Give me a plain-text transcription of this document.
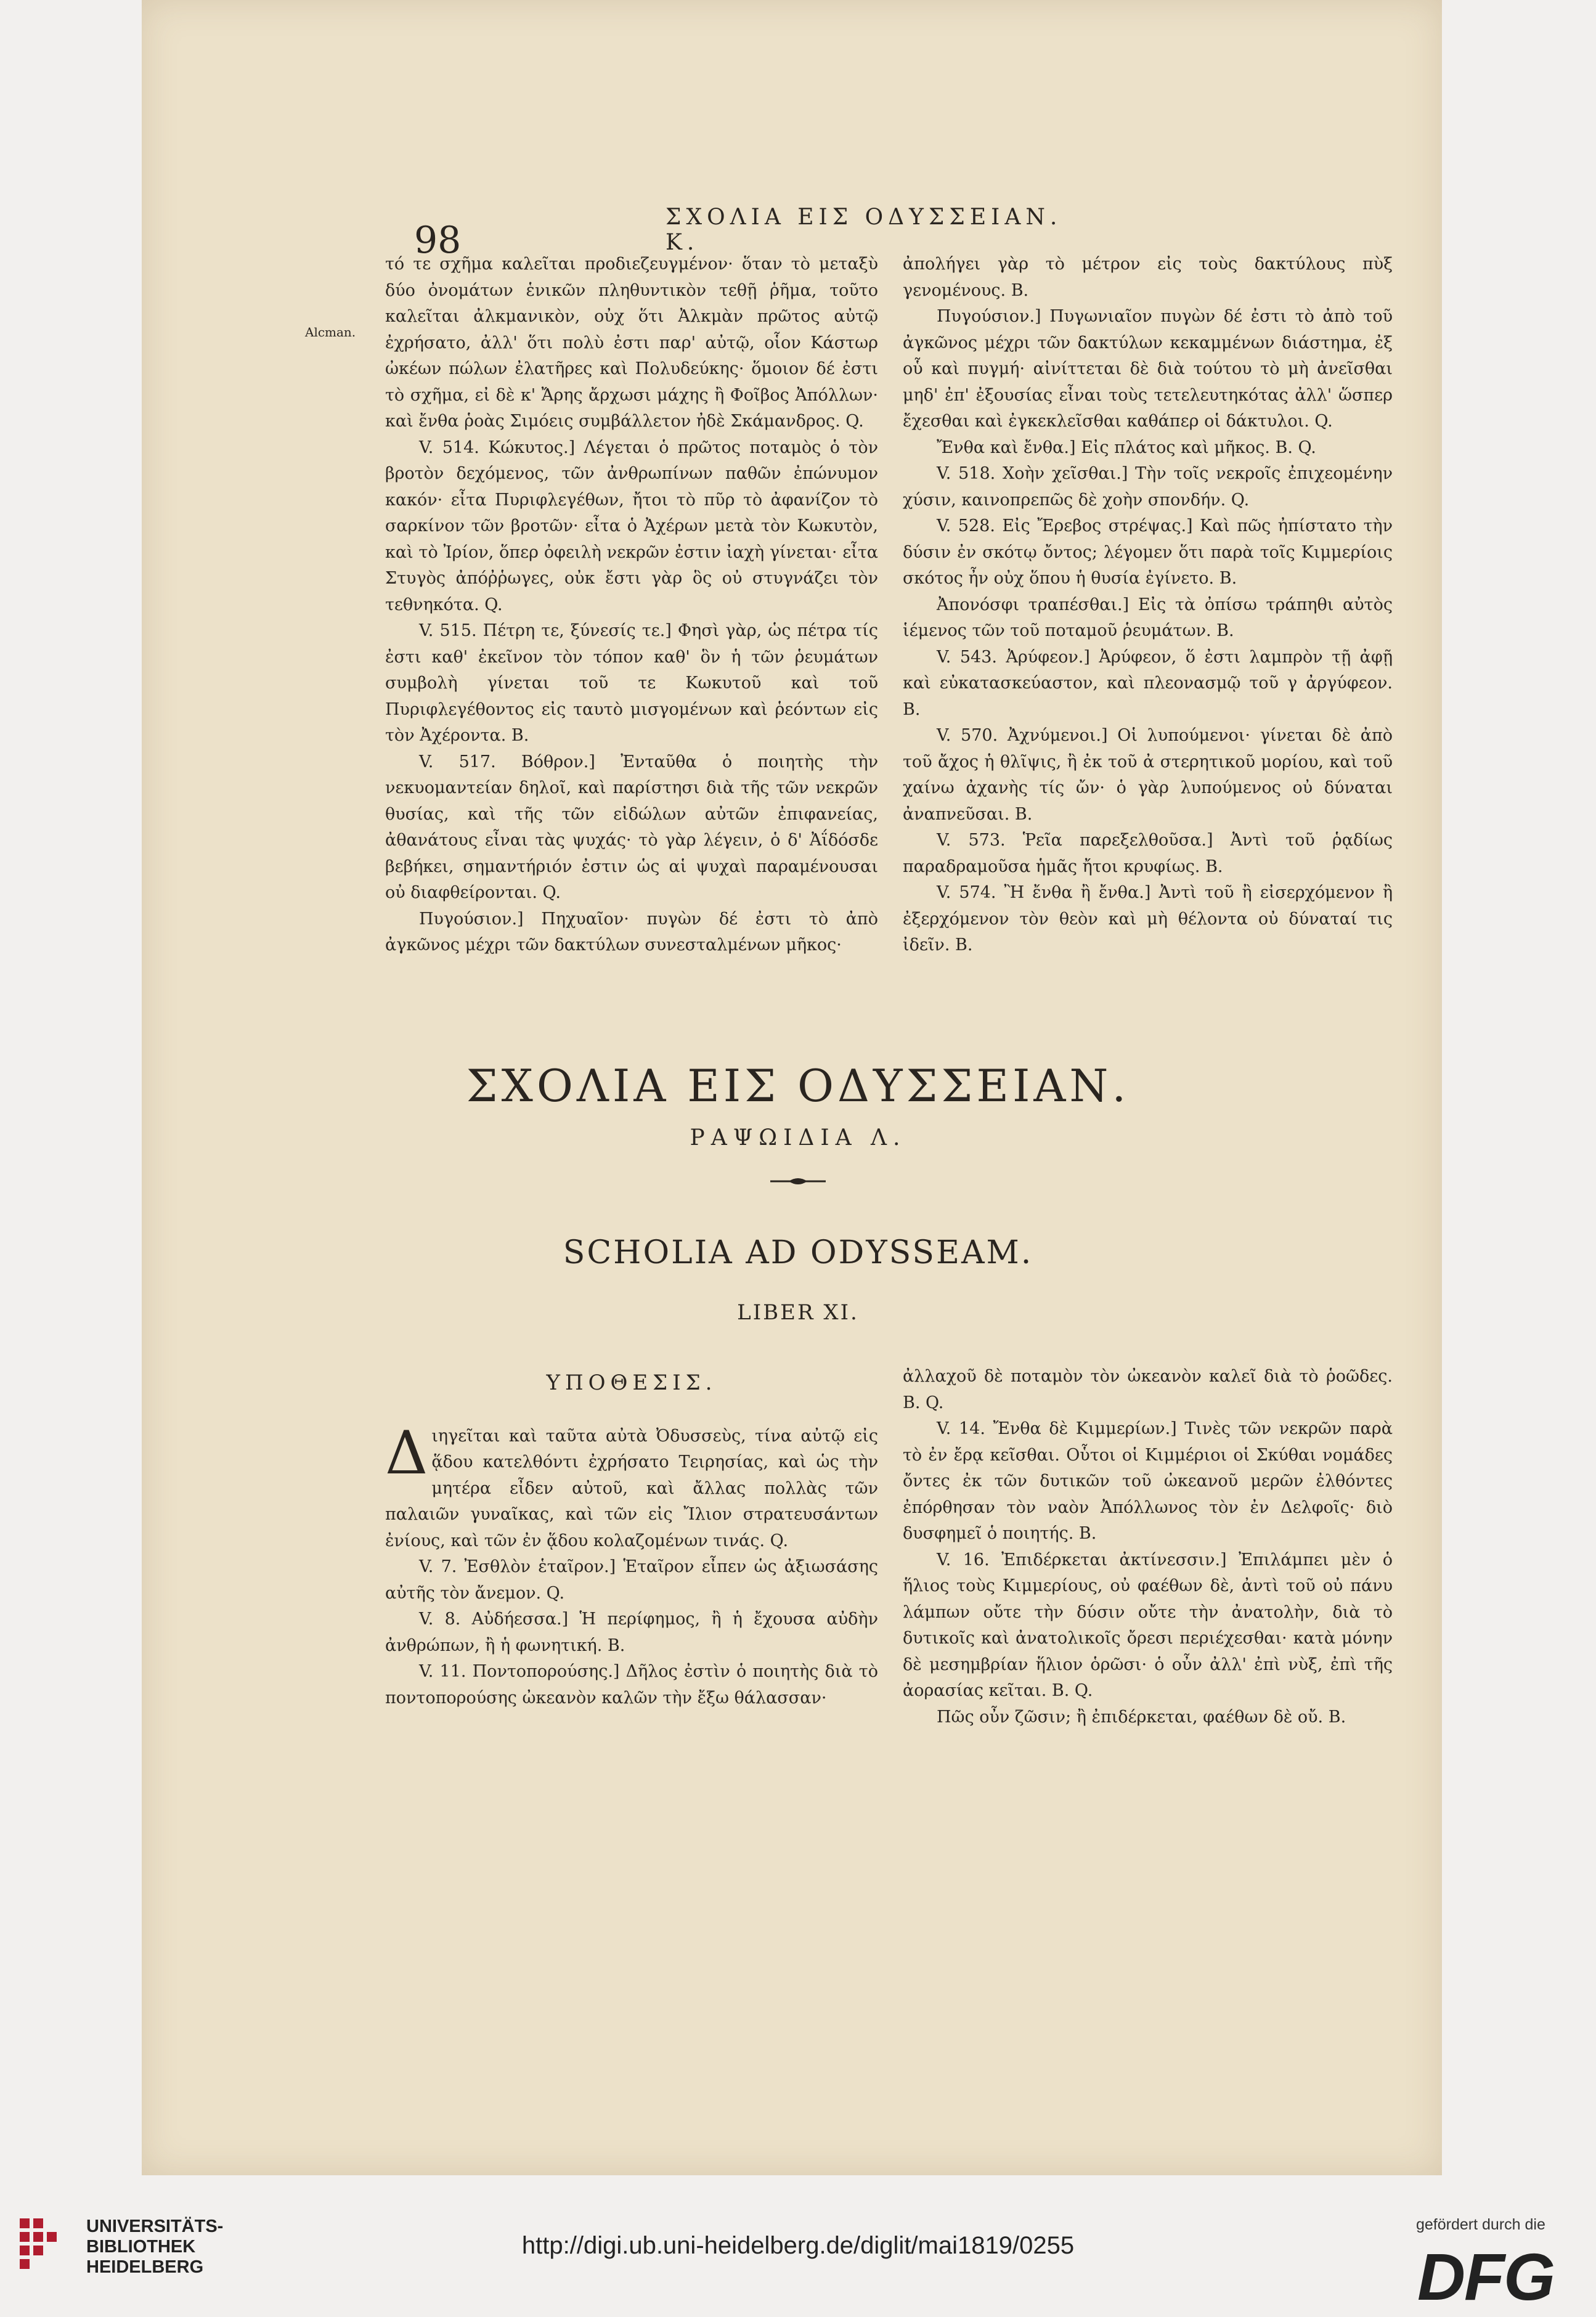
98
ΣΧΟΛΙΑ ΕΙΣ ΟΔΥΣΣΕΙΑΝ. Κ.
Alcman.

τό τε σχῆμα καλεῖται προδιεζευγμένον· ὅταν τὸ μεταξὺ δύο ὀνομάτων ἑνικῶν πληθυντικὸν τεθῇ ῥῆμα, τοῦτο καλεῖται ἀλκμανικὸν, οὐχ ὅτι Ἀλκμὰν πρῶτος αὐτῷ ἐχρήσατο, ἀλλ' ὅτι πολὺ ἐστι παρ' αὐτῷ, οἷον Κάστωρ ὠκέων πώλων ἐλατῆρες καὶ Πολυδεύκης· ὅμοιον δέ ἐστι τὸ σχῆμα, εἰ δὲ κ' Ἄρης ἄρχωσι μάχης ἢ Φοῖβος Ἀπόλλων· καὶ ἔνθα ῥοὰς Σιμόεις συμβάλλετον ἠδὲ Σκάμανδρος. Q.

V. 514. Κώκυτος.] Λέγεται ὁ πρῶτος ποταμὸς ὁ τὸν βροτὸν δεχόμενος, τῶν ἀνθρωπίνων παθῶν ἐπώνυμον κακόν· εἶτα Πυριφλεγέθων, ἤτοι τὸ πῦρ τὸ ἀφανίζον τὸ σαρκίνον τῶν βροτῶν· εἶτα ὁ Ἀχέρων μετὰ τὸν Κωκυτὸν, καὶ τὸ Ἰρίον, ὅπερ ὀφειλὴ νεκρῶν ἐστιν ἰαχὴ γίνεται· εἶτα Στυγὸς ἀπόῤῥωγες, οὐκ ἔστι γὰρ ὃς οὐ στυγνάζει τὸν τεθνηκότα. Q.

V. 515. Πέτρη τε, ξύνεσίς τε.] Φησὶ γὰρ, ὡς πέτρα τίς ἐστι καθ' ἐκεῖνον τὸν τόπον καθ' ὃν ἡ τῶν ῥευμάτων συμβολὴ γίνεται τοῦ τε Κωκυτοῦ καὶ τοῦ Πυριφλεγέθοντος εἰς ταυτὸ μισγομένων καὶ ῥεόντων εἰς τὸν Ἀχέροντα. B.

V. 517. Βόθρον.] Ἐνταῦθα ὁ ποιητὴς τὴν νεκυομαντείαν δηλοῖ, καὶ παρίστησι διὰ τῆς τῶν νεκρῶν θυσίας, καὶ τῆς τῶν εἰδώλων αὐτῶν ἐπιφανείας, ἀθανάτους εἶναι τὰς ψυχάς· τὸ γὰρ λέγειν, ὁ δ' Ἀΐδόσδε βεβήκει, σημαντήριόν ἐστιν ὡς αἱ ψυχαὶ παραμένουσαι οὐ διαφθείρονται. Q.

Πυγούσιον.] Πηχυαῖον· πυγὼν δέ ἐστι τὸ ἀπὸ ἀγκῶνος μέχρι τῶν δακτύλων συνεσταλμένων μῆκος·

ἀπολήγει γὰρ τὸ μέτρον εἰς τοὺς δακτύλους πὺξ γενομένους. B.

Πυγούσιον.] Πυγωνιαῖον πυγὼν δέ ἐστι τὸ ἀπὸ τοῦ ἀγκῶνος μέχρι τῶν δακτύλων κεκαμμένων διάστημα, ἐξ οὗ καὶ πυγμή· αἰνίττεται δὲ διὰ τούτου τὸ μὴ ἀνεῖσθαι μηδ' ἐπ' ἐξουσίας εἶναι τοὺς τετελευτηκότας ἀλλ' ὥσπερ ἔχεσθαι καὶ ἐγκεκλεῖσθαι καθάπερ οἱ δάκτυλοι. Q.

Ἔνθα καὶ ἔνθα.] Εἰς πλάτος καὶ μῆκος. B. Q.

V. 518. Χοὴν χεῖσθαι.] Τὴν τοῖς νεκροῖς ἐπιχεομένην χύσιν, καινοπρεπῶς δὲ χοὴν σπονδήν. Q.

V. 528. Εἰς Ἔρεβος στρέψας.] Καὶ πῶς ἠπίστατο τὴν δύσιν ἐν σκότῳ ὄντος; λέγομεν ὅτι παρὰ τοῖς Κιμμερίοις σκότος ἦν οὐχ ὅπου ἡ θυσία ἐγίνετο. B.

Ἀπονόσφι τραπέσθαι.] Εἰς τὰ ὀπίσω τράπηθι αὐτὸς ἱέμενος τῶν τοῦ ποταμοῦ ῥευμάτων. B.

V. 543. Ἀρύφεον.] Ἀρύφεον, ὅ ἐστι λαμπρὸν τῇ ἀφῇ καὶ εὐκατασκεύαστον, καὶ πλεονασμῷ τοῦ γ ἀργύφεον. B.

V. 570. Ἀχνύμενοι.] Οἱ λυπούμενοι· γίνεται δὲ ἀπὸ τοῦ ἄχος ἡ θλῖψις, ἢ ἐκ τοῦ ἀ στερητικοῦ μορίου, καὶ τοῦ χαίνω ἀχανὴς τίς ὤν· ὁ γὰρ λυπούμενος οὐ δύναται ἀναπνεῦσαι. B.

V. 573. Ῥεῖα παρεξελθοῦσα.] Ἀντὶ τοῦ ῥᾳδίως παραδραμοῦσα ἡμᾶς ἤτοι κρυφίως. B.

V. 574. Ἢ ἔνθα ἢ ἔνθα.] Ἀντὶ τοῦ ἢ εἰσερχόμενον ἢ ἐξερχόμενον τὸν θεὸν καὶ μὴ θέλοντα οὐ δύναταί τις ἰδεῖν. B.

ΣΧΟΛΙΑ ΕΙΣ ΟΔΥΣΣΕΙΑΝ.
ΡΑΨΩΙΔΙΑ Λ.
SCHOLIA AD ODYSSEAM.
LIBER XI.
ΥΠΟΘΕΣΙΣ.

Διηγεῖται καὶ ταῦτα αὐτὰ Ὀδυσσεὺς, τίνα αὐτῷ εἰς ᾅδου κατελθόντι ἐχρήσατο Τειρησίας, καὶ ὡς τὴν μητέρα εἶδεν αὐτοῦ, καὶ ἄλλας πολλὰς τῶν παλαιῶν γυναῖκας, καὶ τῶν εἰς Ἴλιον στρατευσάντων ἐνίους, καὶ τῶν ἐν ᾅδου κολαζομένων τινάς. Q.

V. 7. Ἐσθλὸν ἑταῖρον.] Ἑταῖρον εἶπεν ὡς ἀξιωσάσης αὐτῆς τὸν ἄνεμον. Q.

V. 8. Αὐδήεσσα.] Ἡ περίφημος, ἢ ἡ ἔχουσα αὐδὴν ἀνθρώπων, ἢ ἡ φωνητική. B.

V. 11. Ποντοπορούσης.] Δῆλος ἐστὶν ὁ ποιητὴς διὰ τὸ ποντοπορούσης ὠκεανὸν καλῶν τὴν ἔξω θάλασσαν·

ἀλλαχοῦ δὲ ποταμὸν τὸν ὠκεανὸν καλεῖ διὰ τὸ ῥοῶδες. B. Q.

V. 14. Ἔνθα δὲ Κιμμερίων.] Τινὲς τῶν νεκρῶν παρὰ τὸ ἐν ἔρᾳ κεῖσθαι. Οὗτοι οἱ Κιμμέριοι οἱ Σκύθαι νομάδες ὄντες ἐκ τῶν δυτικῶν τοῦ ὠκεανοῦ μερῶν ἐλθόντες ἐπόρθησαν τὸν ναὸν Ἀπόλλωνος τὸν ἐν Δελφοῖς· διὸ δυσφημεῖ ὁ ποιητής. B.

V. 16. Ἐπιδέρκεται ἀκτίνεσσιν.] Ἐπιλάμπει μὲν ὁ ἥλιος τοὺς Κιμμερίους, οὐ φαέθων δὲ, ἀντὶ τοῦ οὐ πάνυ λάμπων οὔτε τὴν δύσιν οὔτε τὴν ἀνατολὴν, διὰ τὸ δυτικοῖς καὶ ἀνατολικοῖς ὄρεσι περιέχεσθαι· κατὰ μόνην δὲ μεσημβρίαν ἥλιον ὁρῶσι· ὁ οὖν ἀλλ' ἐπὶ νὺξ, ἐπὶ τῆς ἀορασίας κεῖται. B. Q.

Πῶς οὖν ζῶσιν; ἢ ἐπιδέρκεται, φαέθων δὲ οὔ. B.

UNIVERSITÄTS-
BIBLIOTHEK
HEIDELBERG
http://digi.ub.uni-heidelberg.de/diglit/mai1819/0255
gefördert durch die
DFG
